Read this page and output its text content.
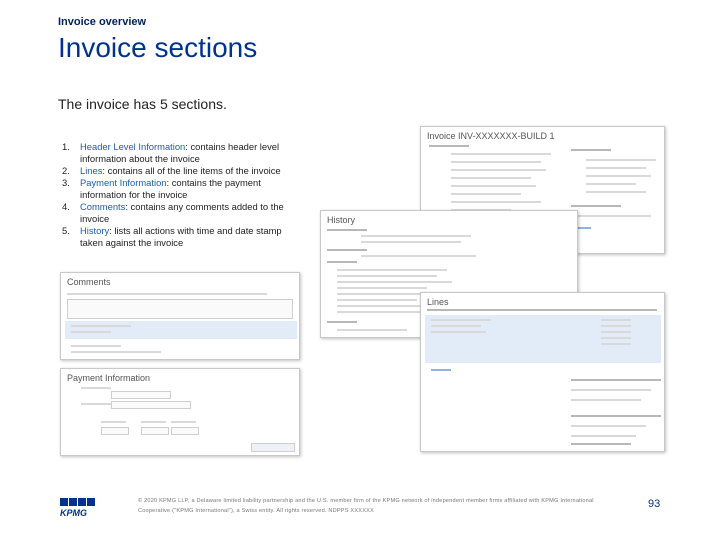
Invoice overview
Invoice sections
The invoice has 5 sections.
1.	Header Level Information: contains header level information about the invoice
2.	Lines: contains all of the line items of the invoice
3.	Payment Information: contains the payment information for the invoice
4.	Comments: contains any comments added to the invoice
5.	History: lists all actions with time and date stamp taken against the invoice
Invoice INV-XXXXXXX-BUILD 1
History
Lines
Comments
Payment Information
KPMG
© 2020 KPMG LLP, a Delaware limited liability partnership and the U.S. member firm of the KPMG network of independent member firms affiliated with KPMG International Cooperative ("KPMG International"), a Swiss entity. All rights reserved. NDPPS XXXXXX
93
